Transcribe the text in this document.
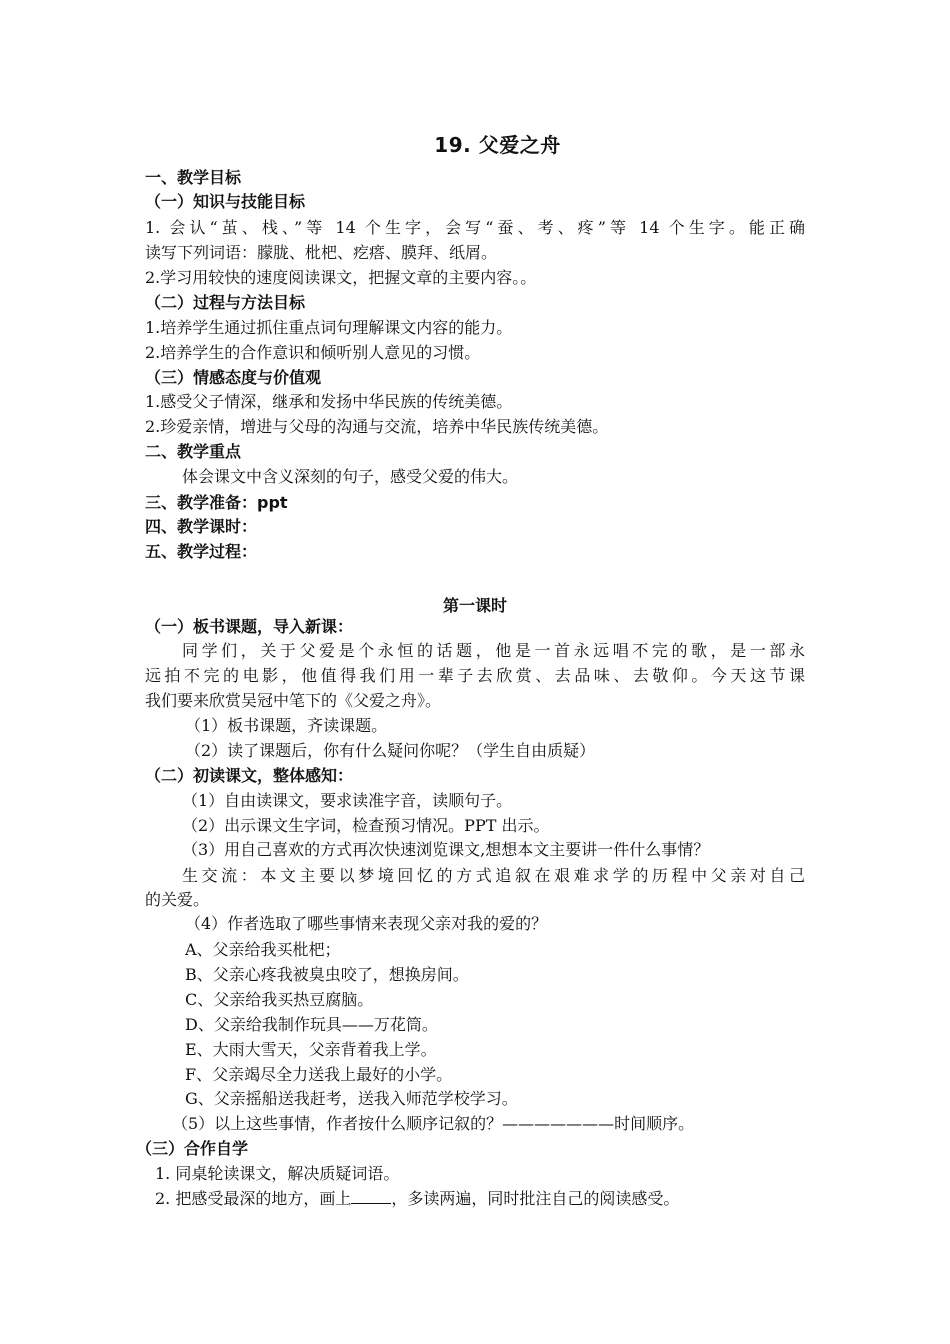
19. 父爱之舟
一、教学目标
（一）知识与技能目标
1. 会认“茧、栈、”等 14 个生字，会写“蚕、考、疼”等 14 个生字。能正确
读写下列词语：朦胧、枇杷、疙瘩、膜拜、纸屑。
2.学习用较快的速度阅读课文，把握文章的主要内容。。
（二）过程与方法目标
1.培养学生通过抓住重点词句理解课文内容的能力。
2.培养学生的合作意识和倾听别人意见的习惯。
（三）情感态度与价值观
1.感受父子情深，继承和发扬中华民族的传统美德。
2.珍爱亲情，增进与父母的沟通与交流，培养中华民族传统美德。
二、教学重点
体会课文中含义深刻的句子，感受父爱的伟大。
三、教学准备：ppt
四、教学课时：
五、教学过程：
第一课时
（一）板书课题，导入新课：
同学们，关于父爱是个永恒的话题，他是一首永远唱不完的歌，是一部永
远拍不完的电影，他值得我们用一辈子去欣赏、去品味、去敬仰。今天这节课
我们要来欣赏吴冠中笔下的《父爱之舟》。
（1）板书课题，齐读课题。
（2）读了课题后，你有什么疑问你呢？（学生自由质疑）
（二）初读课文，整体感知：
（1）自由读课文，要求读准字音，读顺句子。
（2）出示课文生字词，检查预习情况。PPT 出示。
（3）用自己喜欢的方式再次快速浏览课文,想想本文主要讲一件什么事情？
生交流：本文主要以梦境回忆的方式追叙在艰难求学的历程中父亲对自己
的关爱。
（4）作者选取了哪些事情来表现父亲对我的爱的？
A、父亲给我买枇杷；
B、父亲心疼我被臭虫咬了，想换房间。
C、父亲给我买热豆腐脑。
D、父亲给我制作玩具——万花筒。
E、大雨大雪天，父亲背着我上学。
F、父亲竭尽全力送我上最好的小学。
G、父亲摇船送我赶考，送我入师范学校学习。
（5）以上这些事情，作者按什么顺序记叙的？———————时间顺序。
（三）合作自学
1. 同桌轮读课文，解决质疑词语。
2. 把感受最深的地方，画上	，多读两遍，同时批注自己的阅读感受。
